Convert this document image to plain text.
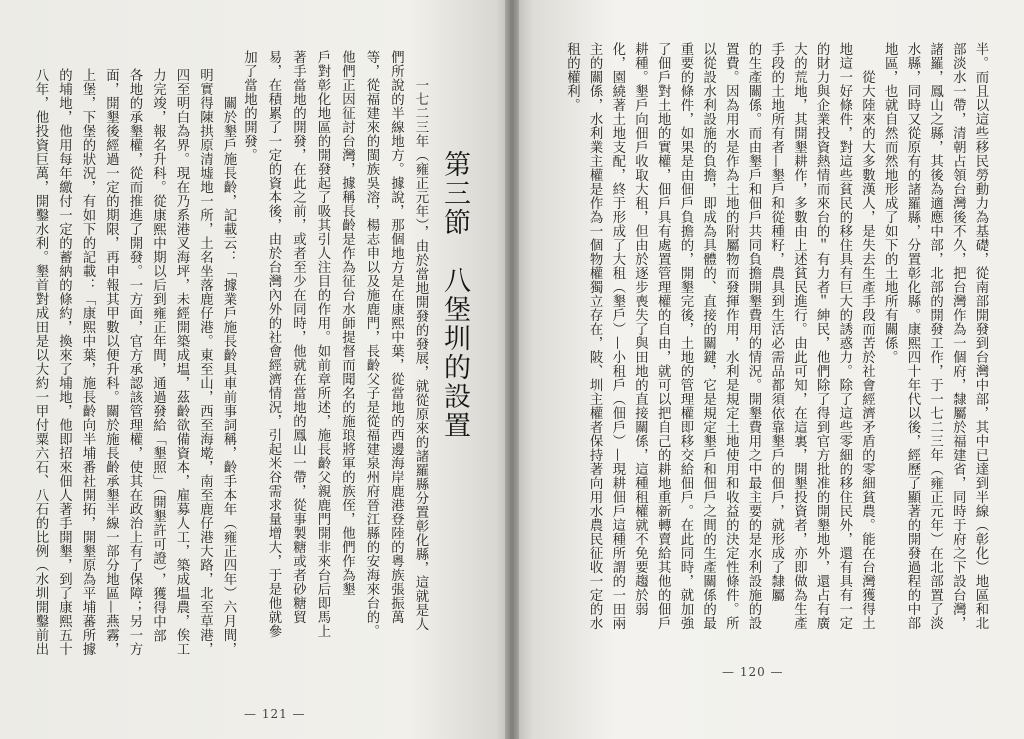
第三節　八堡圳的設置
— 121 —
　　一七二三年（雍正元年），由於當地開發的發展，就從原來的諸羅縣分置彰化縣，這就是人
們所說的半線地方。據說，那個地方是在康熙中葉，從當地的西邊海岸鹿港登陸的粵族張振萬
等，從福建來的閩族吳溶，楊志申以及施鹿門，長齡父子是從福建泉州府晉江縣的安海來台的。
他們正因征討台灣，據稱長齡是作為征台水師提督而聞名的施琅將軍的族侄，他們作為墾
戶對彰化地區的開發起了吸其引人注目的作用。如前章所述，施長齡父親鹿門開非來台后即馬上
著手當地的開發，在此之前，或者至少在同時，他就在當地的鳳山一帶，從事製糖或者砂糖貿
易，在積累了一定的資本後，由於台灣內外的社會經濟情況，引起米谷需求量增大，于是他就參
加了當地的開發。
　　關於墾戶施長齡，記載云：「據業戶施長齡具車前事詞稱，齡手本年（雍正四年）六月間，
明實得陳拱原清墟地一所，土名坐落鹿仔港。東至山，西至海墘，南至鹿仔港大路，北至草港，
四至明白為界。現在乃系港叉海坪，未經開築成塭，茲齡欲備資本，雇募人工，築成塭農，俟工
力完竣，報名升科。從康熙中期以后到雍正年間，通過發給「墾照」（開墾許可證），獲得中部
各地的承墾權，從而推進了開發。一方面，官方承認該管理權，使其在政治上有了保障；另一方
面，開墾後經過一定的期限，再申報其甲數以便升科。關於施長齡承墾半線一部分地區—燕霧，
上堡，下堡的狀況，有如下的記載：「康熙中葉，施長齡向半埔番社開拓，開墾原為平埔蕃所據
的埔地，他用每年繳付一定的蓄納的條約，換來了埔地，他即招來佃人著手開墾，到了康熙五十
八年，他投資巨萬，開鑿水利。墾首對成田是以大約一甲付粟六石、八石的比例（水圳開鑿前出
— 120 —
半。而且以這些移民勞動力為基礎，從南部開發到台灣中部，其中已達到半線（彰化）地區和北
部淡水一帶，清朝占領台灣後不久，把台灣作為一個府，隸屬於福建省，同時于府之下設台灣，
諸羅，鳳山之縣，其後為適應中部，北部的開發工作，于一七二三年（雍正元年）在北部置了淡
水縣，同時又從原有的諸羅縣，分置彰化縣。康熙四十年代以後，經歷了顯著的開發過程的中部
地區，也就自然而然地形成了如下的土地所有關係。
　　從大陸來的大多數漢人，是失去生產手段而苦於社會經濟矛盾的零細貧農。能在台灣獲得土
地這一好條件，對這些貧民的移住具有巨大的誘惑力。除了這些零細的移住民外，還有具有一定
的財力與企業投資熱情而來台的＂有力者＂紳民，他們除了得到官方批准的開墾地外，還占有廣
大的荒地，其開墾耕作，多數由上述貧民進行。由此可知，在這裏，開墾投資者，亦即做為生產
手段的土地所有者—墾戶和從種籽，農具到生活必需品都須依靠墾戶的佃戶，就形成了隸屬
的生產關係。而由墾戶和佃戶共同負擔開墾費用的情況。開墾費用之中最主要的是水利設施的設
置費。因為用水是作為土地的附屬物而發揮作用，水利是規定土地使用和收益的決定性條件。所
以從設水利設施的負擔，即成為具體的、直接的關鍵，它是規定墾戶和佃戶之間的生產關係的最
重要的條件，如果是由佃戶負擔的，開墾完後，土地的管理權即移交給佃戶。在此同時，就加強
了佃戶對土地的實權，佃戶具有處置管理權的自由，就可以把自己的耕地重新轉賣給其他的佃戶
耕種。墾戶向佃戶收取大租，但由於逐步喪失了與田地的直接關係，這種租權就不免要趨於弱
化，園繞著土地支配，終于形成了大租（墾戶）—小租戶（佃戶）—現耕佃戶這種所謂的一田兩
主的關係，水利業主權是作為一個物權獨立存在，陂、圳主權者保持著向用水農民征收一定的水
租的權利。
